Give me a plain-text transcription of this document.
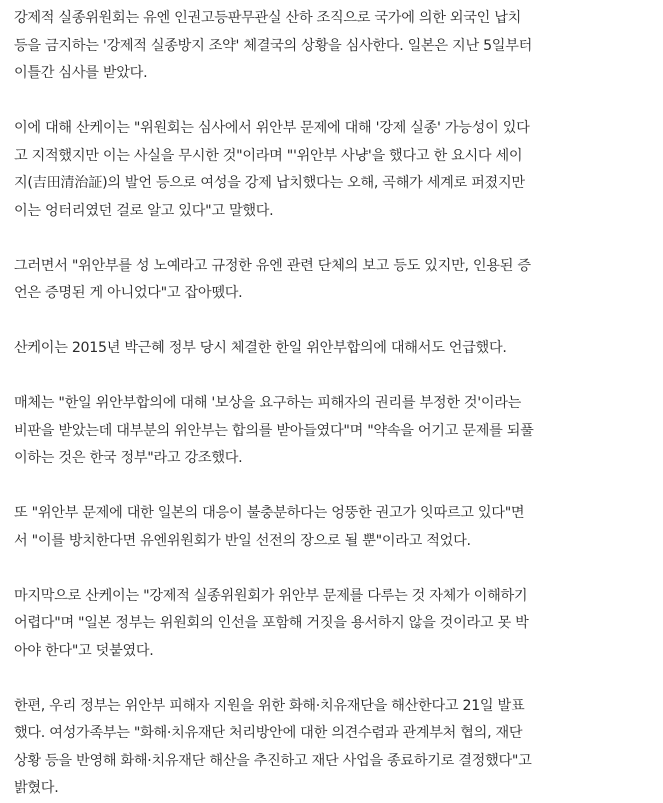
강제적 실종위원회는 유엔 인권고등판무관실 산하 조직으로 국가에 의한 외국인 납치
등을 금지하는 '강제적 실종방지 조약' 체결국의 상황을 심사한다. 일본은 지난 5일부터
이틀간 심사를 받았다.

이에 대해 산케이는 "위원회는 심사에서 위안부 문제에 대해 '강제 실종' 가능성이 있다
고 지적했지만 이는 사실을 무시한 것"이라며 "'위안부 사냥'을 했다고 한 요시다 세이
지(吉田清治証)의 발언 등으로 여성을 강제 납치했다는 오해, 곡해가 세계로 퍼졌지만
이는 엉터리였던 걸로 알고 있다"고 말했다.

그러면서 "위안부를 성 노예라고 규정한 유엔 관련 단체의 보고 등도 있지만, 인용된 증
언은 증명된 게 아니었다"고 잡아뗐다.

산케이는 2015년 박근혜 정부 당시 체결한 한일 위안부합의에 대해서도 언급했다.

매체는 "한일 위안부합의에 대해 '보상을 요구하는 피해자의 권리를 부정한 것'이라는
비판을 받았는데 대부분의 위안부는 합의를 받아들였다"며 "약속을 어기고 문제를 되풀
이하는 것은 한국 정부"라고 강조했다.

또 "위안부 문제에 대한 일본의 대응이 불충분하다는 엉뚱한 권고가 잇따르고 있다"면
서 "이를 방치한다면 유엔위원회가 반일 선전의 장으로 될 뿐"이라고 적었다.

마지막으로 산케이는 "강제적 실종위원회가 위안부 문제를 다루는 것 자체가 이해하기
어렵다"며 "일본 정부는 위원회의 인선을 포함해 거짓을 용서하지 않을 것이라고 못 박
아야 한다"고 덧붙였다.

한편, 우리 정부는 위안부 피해자 지원을 위한 화해·치유재단을 해산한다고 21일 발표
했다. 여성가족부는 "화해·치유재단 처리방안에 대한 의견수렴과 관계부처 협의, 재단
상황 등을 반영해 화해·치유재단 해산을 추진하고 재단 사업을 종료하기로 결정했다"고
밝혔다.
